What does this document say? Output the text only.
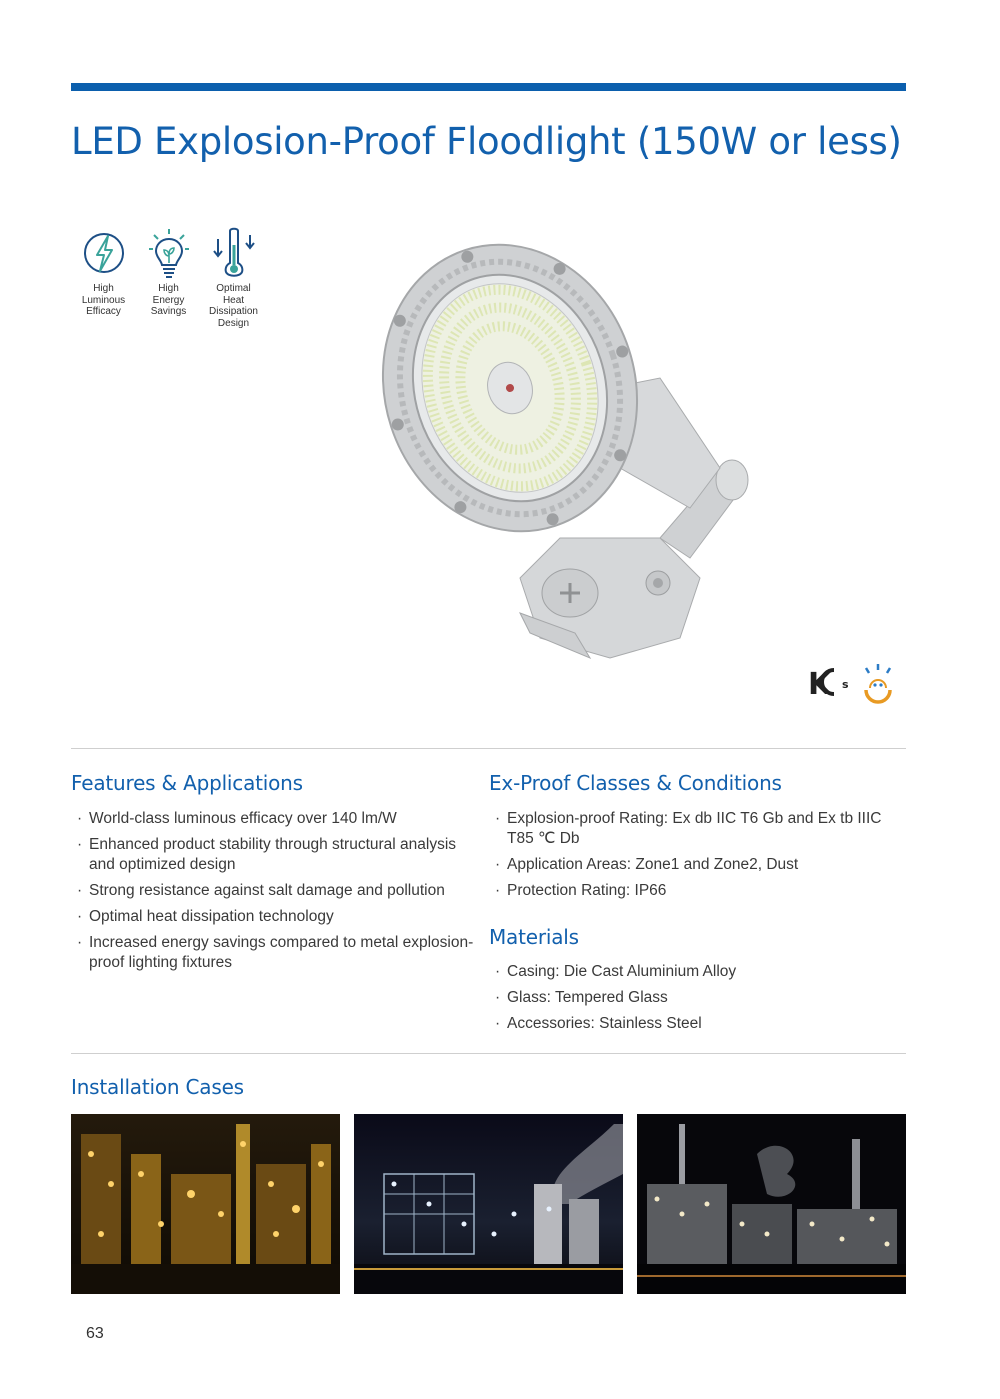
LED Explosion-Proof Floodlight (150W or less)
High
Luminous
Efficacy
High
Energy
Savings
Optimal
Heat
Dissipation
Design
K s
Features & Applications
· World-class luminous efficacy over 140 lm/W
· Enhanced product stability through structural analysis and optimized design
· Strong resistance against salt damage and pollution
· Optimal heat dissipation technology
· Increased energy savings compared to metal explosion-proof lighting fixtures
Ex-Proof Classes & Conditions
· Explosion-proof Rating: Ex db IIC T6 Gb and Ex tb IIIC T85 ℃ Db
· Application Areas: Zone1 and Zone2, Dust
· Protection Rating: IP66
Materials
· Casing: Die Cast Aluminium Alloy
· Glass: Tempered Glass
· Accessories: Stainless Steel
Installation Cases
63
